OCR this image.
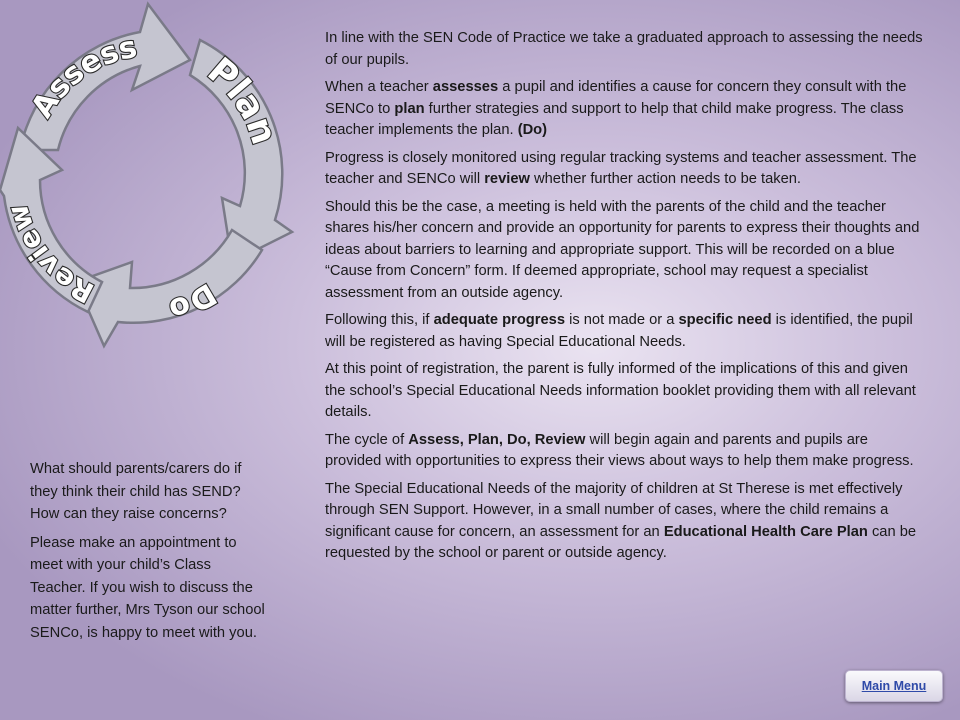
Assess
Plan
Do
Review

In line with the SEN Code of Practice we take a graduated approach to assessing the needs of our pupils.

When a teacher assesses a pupil and identifies a cause for concern they consult with the SENCo to plan further strategies and support to help that child make progress. The class teacher implements the plan. (Do)

Progress is closely monitored using regular tracking systems and teacher assessment. The teacher and SENCo will review whether further action needs to be taken.

Should this be the case, a meeting is held with the parents of the child and the teacher shares his/her concern and provide an opportunity for parents to express their thoughts and ideas about barriers to learning and appropriate support. This will be recorded on a blue “Cause from Concern” form. If deemed appropriate, school may request a specialist assessment from an outside agency.

Following this, if adequate progress is not made or a specific need is identified, the pupil will be registered as having Special Educational Needs.

At this point of registration, the parent is fully informed of the implications of this and given the school’s Special Educational Needs information booklet providing them with all relevant details.

The cycle of Assess, Plan, Do, Review will begin again and parents and pupils are provided with opportunities to express their views about ways to help them make progress.

The Special Educational Needs of the majority of children at St Therese is met effectively through SEN Support. However, in a small number of cases, where the child remains a significant cause for concern, an assessment for an Educational Health Care Plan can be requested by the school or parent or outside agency.

What should parents/carers do if they think their child has SEND? How can they raise concerns?

Please make an appointment to meet with your child’s Class Teacher. If you wish to discuss the matter further, Mrs Tyson our school SENCo, is happy to meet with you.

Main Menu
